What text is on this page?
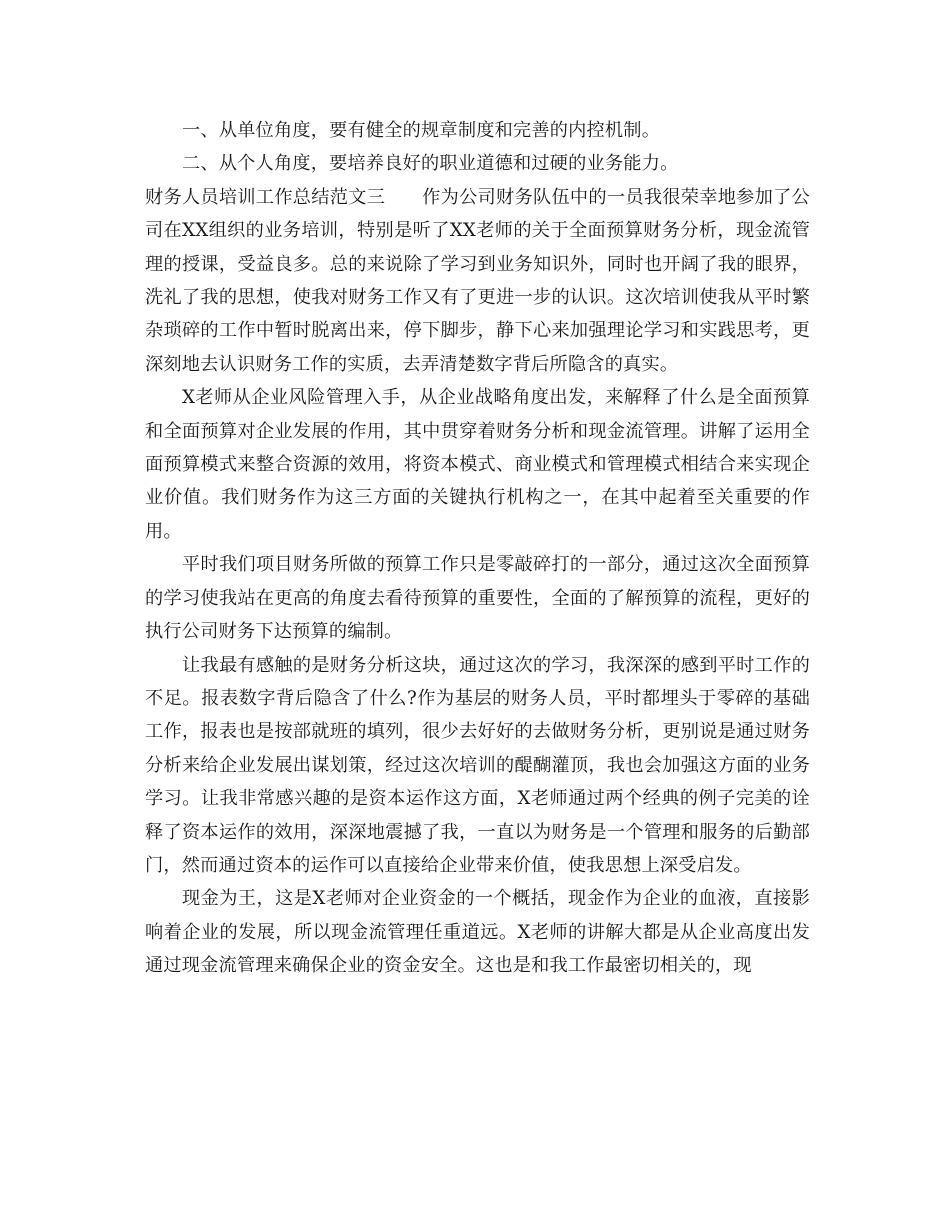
一、从单位角度，要有健全的规章制度和完善的内控机制。

二、从个人角度，要培养良好的职业道德和过硬的业务能力。

财务人员培训工作总结范文三　　作为公司财务队伍中的一员我很荣幸地参加了公司在XX组织的业务培训，特别是听了XX老师的关于全面预算财务分析，现金流管理的授课，受益良多。总的来说除了学习到业务知识外，同时也开阔了我的眼界，洗礼了我的思想，使我对财务工作又有了更进一步的认识。这次培训使我从平时繁杂琐碎的工作中暂时脱离出来，停下脚步，静下心来加强理论学习和实践思考，更深刻地去认识财务工作的实质，去弄清楚数字背后所隐含的真实。

X老师从企业风险管理入手，从企业战略角度出发，来解释了什么是全面预算和全面预算对企业发展的作用，其中贯穿着财务分析和现金流管理。讲解了运用全面预算模式来整合资源的效用，将资本模式、商业模式和管理模式相结合来实现企业价值。我们财务作为这三方面的关键执行机构之一，在其中起着至关重要的作用。

平时我们项目财务所做的预算工作只是零敲碎打的一部分，通过这次全面预算的学习使我站在更高的角度去看待预算的重要性，全面的了解预算的流程，更好的执行公司财务下达预算的编制。

让我最有感触的是财务分析这块，通过这次的学习，我深深的感到平时工作的不足。报表数字背后隐含了什么?作为基层的财务人员，平时都埋头于零碎的基础工作，报表也是按部就班的填列，很少去好好的去做财务分析，更别说是通过财务分析来给企业发展出谋划策，经过这次培训的醍醐灌顶，我也会加强这方面的业务学习。让我非常感兴趣的是资本运作这方面，X老师通过两个经典的例子完美的诠释了资本运作的效用，深深地震撼了我，一直以为财务是一个管理和服务的后勤部门，然而通过资本的运作可以直接给企业带来价值，使我思想上深受启发。

现金为王，这是X老师对企业资金的一个概括，现金作为企业的血液，直接影响着企业的发展，所以现金流管理任重道远。X老师的讲解大都是从企业高度出发通过现金流管理来确保企业的资金安全。这也是和我工作最密切相关的，现
